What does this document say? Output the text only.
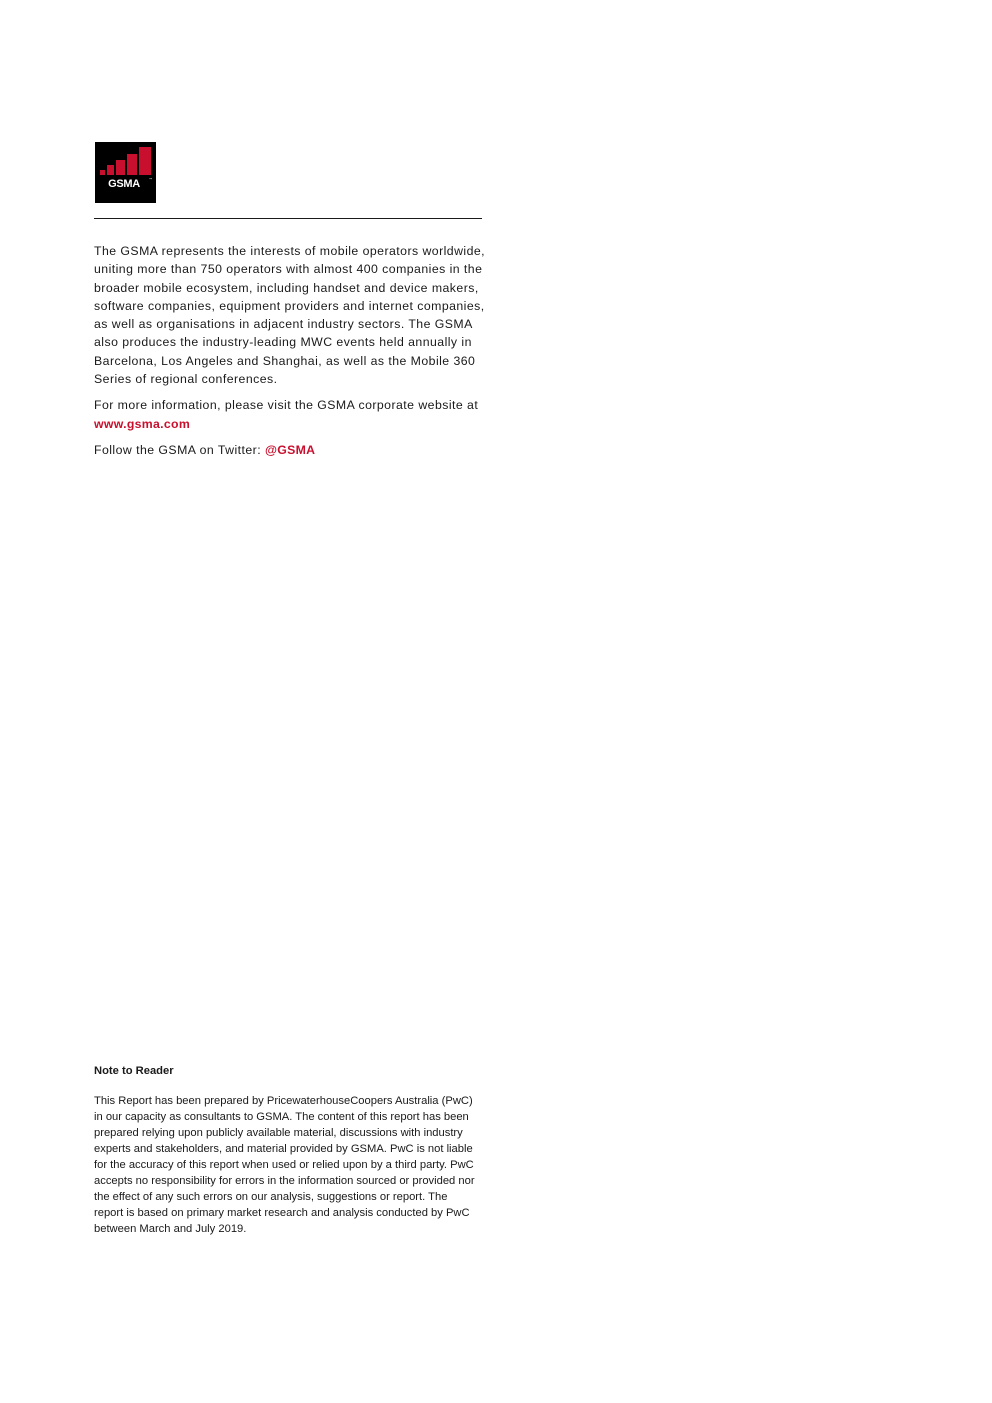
GSMA	™

The GSMA represents the interests of mobile operators worldwide, uniting more than 750 operators with almost 400 companies in the broader mobile ecosystem, including handset and device makers, software companies, equipment providers and internet companies, as well as organisations in adjacent industry sectors. The GSMA also produces the industry-leading MWC events held annually in Barcelona, Los Angeles and Shanghai, as well as the Mobile 360 Series of regional conferences.

For more information, please visit the GSMA corporate website at www.gsma.com

Follow the GSMA on Twitter: @GSMA

Note to Reader

This Report has been prepared by PricewaterhouseCoopers Australia (PwC) in our capacity as consultants to GSMA. The content of this report has been prepared relying upon publicly available material, discussions with industry experts and stakeholders, and material provided by GSMA. PwC is not liable for the accuracy of this report when used or relied upon by a third party. PwC accepts no responsibility for errors in the information sourced or provided nor the effect of any such errors on our analysis, suggestions or report. The report is based on primary market research and analysis conducted by PwC between March and July 2019.
